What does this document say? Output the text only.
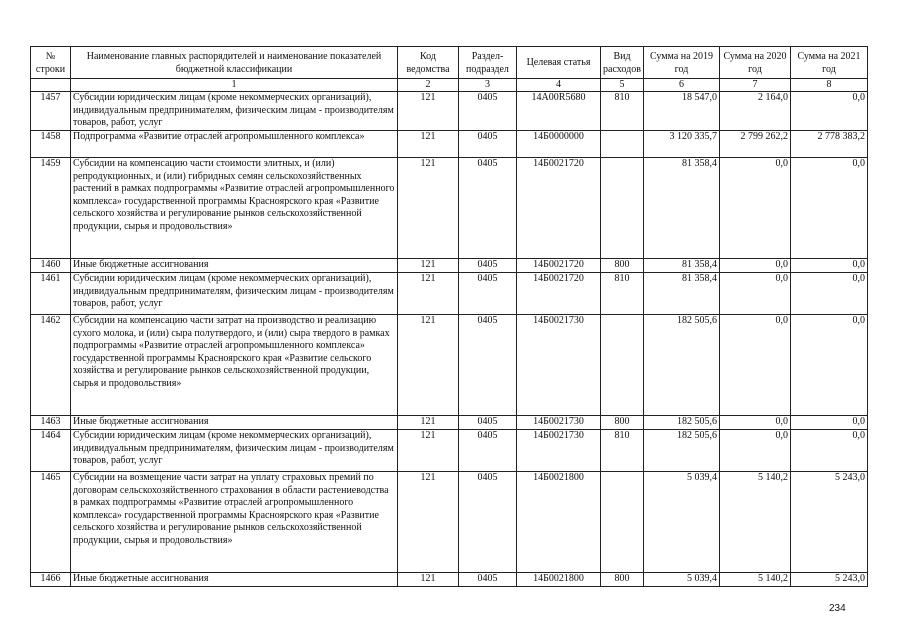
№ строки	Наименование главных распорядителей и наименование показателей бюджетной классификации	Код ведомства	Раздел-подраздел	Целевая статья	Вид расходов	Сумма на 2019 год	Сумма на 2020 год	Сумма на 2021 год
	1	2	3	4	5	6	7	8
1457	Субсидии юридическим лицам (кроме некоммерческих организаций), индивидуальным предпринимателям, физическим лицам - производителям товаров, работ, услуг	121	0405	14А00R5680	810	18 547,0	2 164,0	0,0
1458	Подпрограмма «Развитие отраслей агропромышленного комплекса»	121	0405	14Б0000000		3 120 335,7	2 799 262,2	2 778 383,2
1459	Субсидии на компенсацию части стоимости элитных, и (или) репродукционных, и (или) гибридных семян сельскохозяйственных растений в рамках подпрограммы «Развитие отраслей агропромышленного комплекса» государственной программы Красноярского края «Развитие сельского хозяйства и регулирование рынков сельскохозяйственной продукции, сырья и продовольствия»	121	0405	14Б0021720		81 358,4	0,0	0,0
1460	Иные бюджетные ассигнования	121	0405	14Б0021720	800	81 358,4	0,0	0,0
1461	Субсидии юридическим лицам (кроме некоммерческих организаций), индивидуальным предпринимателям, физическим лицам - производителям товаров, работ, услуг	121	0405	14Б0021720	810	81 358,4	0,0	0,0
1462	Субсидии на компенсацию части затрат на производство и реализацию сухого молока, и (или) сыра полутвердого, и (или) сыра твердого в рамках подпрограммы «Развитие отраслей агропромышленного комплекса» государственной программы Красноярского края «Развитие сельского хозяйства и регулирование рынков сельскохозяйственной продукции, сырья и продовольствия»	121	0405	14Б0021730		182 505,6	0,0	0,0
1463	Иные бюджетные ассигнования	121	0405	14Б0021730	800	182 505,6	0,0	0,0
1464	Субсидии юридическим лицам (кроме некоммерческих организаций), индивидуальным предпринимателям, физическим лицам - производителям товаров, работ, услуг	121	0405	14Б0021730	810	182 505,6	0,0	0,0
1465	Субсидии на возмещение части затрат на уплату страховых премий по договорам сельскохозяйственного страхования в области растениеводства в рамках подпрограммы «Развитие отраслей агропромышленного комплекса» государственной программы Красноярского края «Развитие сельского хозяйства и регулирование рынков сельскохозяйственной продукции, сырья и продовольствия»	121	0405	14Б0021800		5 039,4	5 140,2	5 243,0
1466	Иные бюджетные ассигнования	121	0405	14Б0021800	800	5 039,4	5 140,2	5 243,0
234
